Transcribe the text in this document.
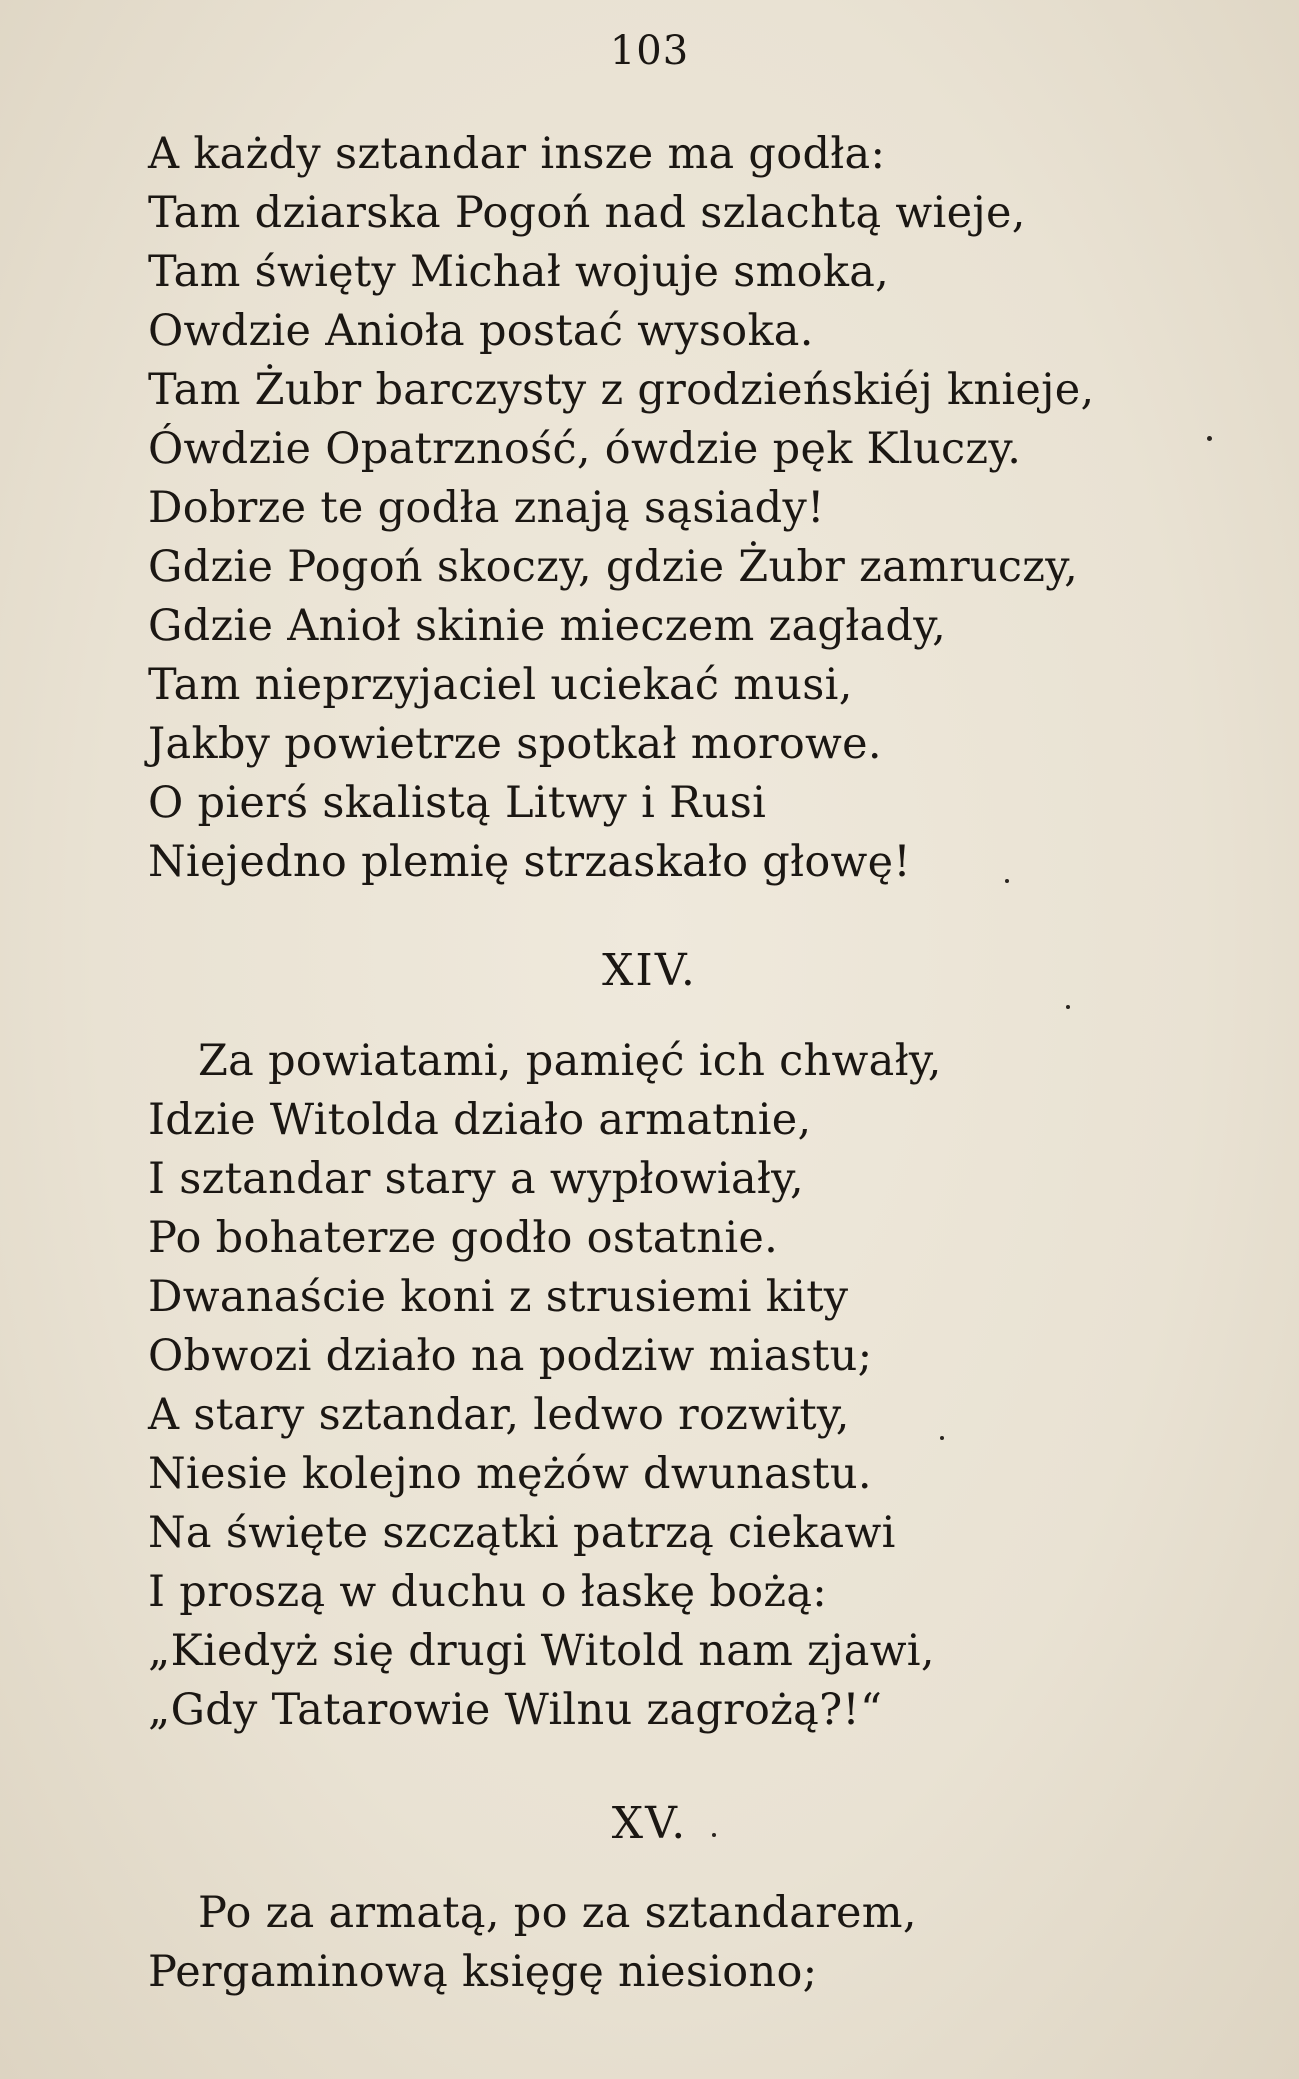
103
A każdy sztandar insze ma godła:
Tam dziarska Pogoń nad szlachtą wieje,
Tam święty Michał wojuje smoka,
Owdzie Anioła postać wysoka.
Tam Żubr barczysty z grodzieńskiéj knieje,
Ówdzie Opatrzność, ówdzie pęk Kluczy.
Dobrze te godła znają sąsiady!
Gdzie Pogoń skoczy, gdzie Żubr zamruczy,
Gdzie Anioł skinie mieczem zagłady,
Tam nieprzyjaciel uciekać musi,
Jakby powietrze spotkał morowe.
O pierś skalistą Litwy i Rusi
Niejedno plemię strzaskało głowę!
XIV.
Za powiatami, pamięć ich chwały,
Idzie Witolda działo armatnie,
I sztandar stary a wypłowiały,
Po bohaterze godło ostatnie.
Dwanaście koni z strusiemi kity
Obwozi działo na podziw miastu;
A stary sztandar, ledwo rozwity,
Niesie kolejno mężów dwunastu.
Na święte szczątki patrzą ciekawi
I proszą w duchu o łaskę bożą:
„Kiedyż się drugi Witold nam zjawi,
„Gdy Tatarowie Wilnu zagrożą?!“
XV.
Po za armatą, po za sztandarem,
Pergaminową księgę niesiono;
